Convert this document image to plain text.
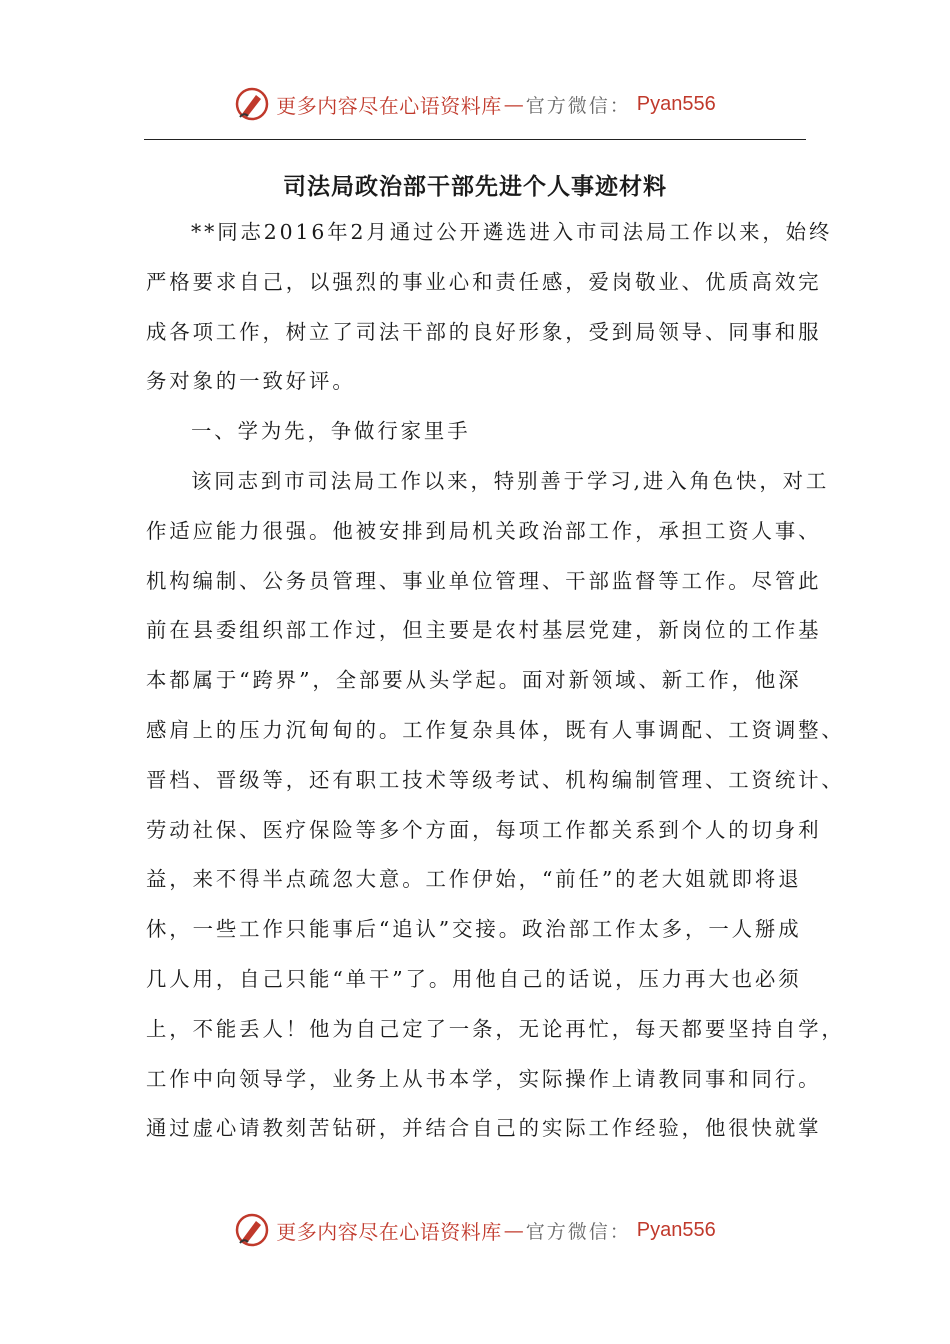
更多内容尽在心语资料库 — 官方微信： Pyan556
司法局政治部干部先进个人事迹材料
**同志2016年2月通过公开遴选进入市司法局工作以来，始终
严格要求自己，以强烈的事业心和责任感，爱岗敬业、优质高效完
成各项工作，树立了司法干部的良好形象，受到局领导、同事和服
务对象的一致好评。
一、学为先，争做行家里手
该同志到市司法局工作以来，特别善于学习,进入角色快，对工
作适应能力很强。他被安排到局机关政治部工作，承担工资人事、
机构编制、公务员管理、事业单位管理、干部监督等工作。尽管此
前在县委组织部工作过，但主要是农村基层党建，新岗位的工作基
本都属于“跨界”，全部要从头学起。面对新领域、新工作，他深
感肩上的压力沉甸甸的。工作复杂具体，既有人事调配、工资调整、
晋档、晋级等，还有职工技术等级考试、机构编制管理、工资统计、
劳动社保、医疗保险等多个方面，每项工作都关系到个人的切身利
益，来不得半点疏忽大意。工作伊始，“前任”的老大姐就即将退
休，一些工作只能事后“追认”交接。政治部工作太多，一人掰成
几人用，自己只能“单干”了。用他自己的话说，压力再大也必须
上，不能丢人！他为自己定了一条，无论再忙，每天都要坚持自学，
工作中向领导学，业务上从书本学，实际操作上请教同事和同行。
通过虚心请教刻苦钻研，并结合自己的实际工作经验，他很快就掌
更多内容尽在心语资料库 — 官方微信： Pyan556
